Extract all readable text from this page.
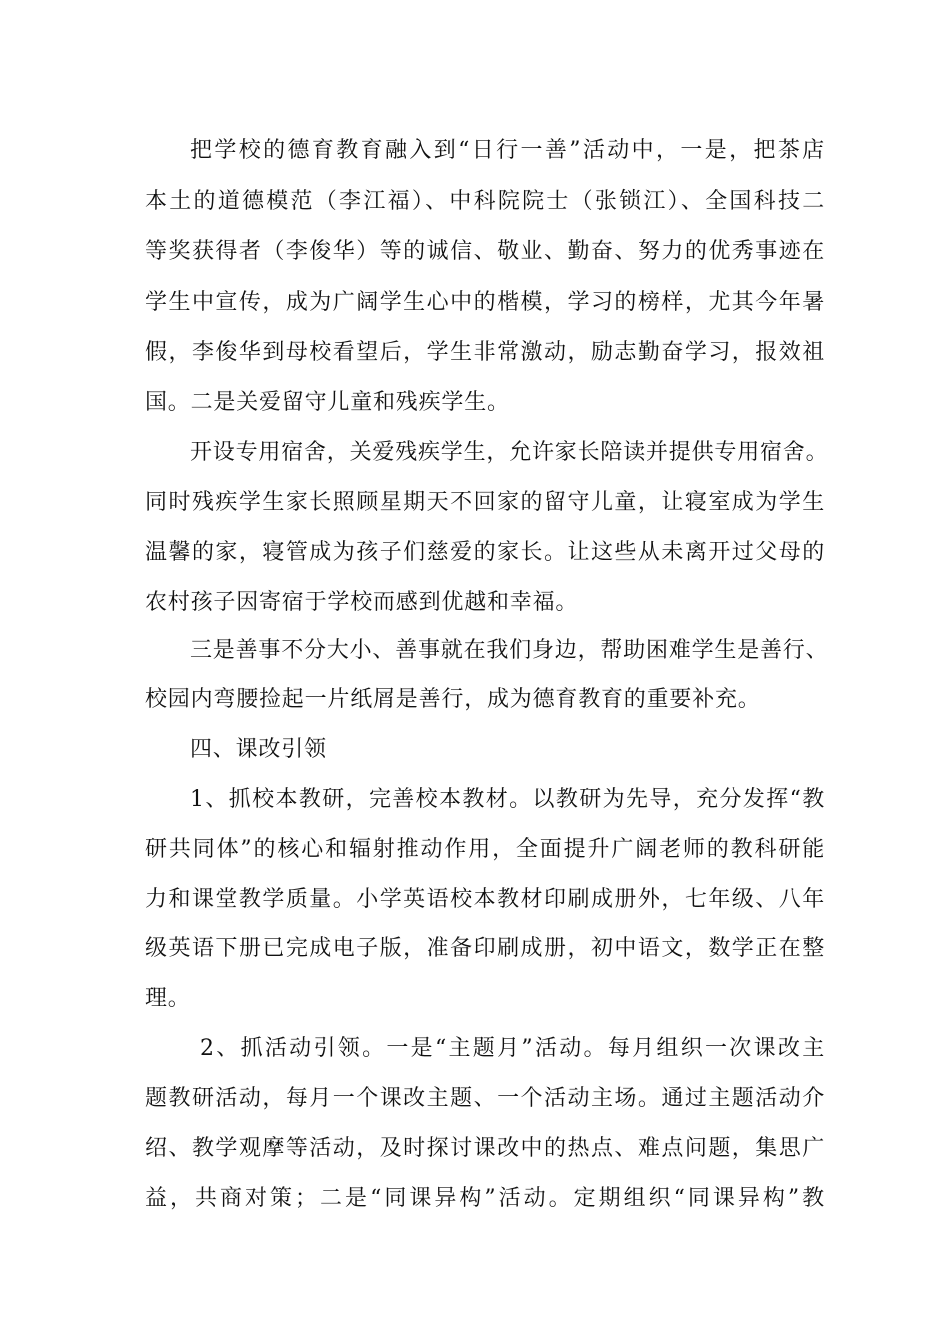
把学校的德育教育融入到“日行一善”活动中，一是，把茶店
本土的道德模范（李江福）、中科院院士（张锁江）、全国科技二
等奖获得者（李俊华）等的诚信、敬业、勤奋、努力的优秀事迹在
学生中宣传，成为广阔学生心中的楷模，学习的榜样，尤其今年暑
假，李俊华到母校看望后，学生非常激动，励志勤奋学习，报效祖
国。二是关爱留守儿童和残疾学生。
开设专用宿舍，关爱残疾学生，允许家长陪读并提供专用宿舍。
同时残疾学生家长照顾星期天不回家的留守儿童，让寝室成为学生
温馨的家，寝管成为孩子们慈爱的家长。让这些从未离开过父母的
农村孩子因寄宿于学校而感到优越和幸福。
三是善事不分大小、善事就在我们身边，帮助困难学生是善行、
校园内弯腰捡起一片纸屑是善行，成为德育教育的重要补充。
四、课改引领
1、抓校本教研，完善校本教材。以教研为先导，充分发挥“教
研共同体”的核心和辐射推动作用，全面提升广阔老师的教科研能
力和课堂教学质量。小学英语校本教材印刷成册外，七年级、八年
级英语下册已完成电子版，准备印刷成册，初中语文，数学正在整
理。
2、抓活动引领。一是“主题月”活动。每月组织一次课改主
题教研活动，每月一个课改主题、一个活动主场。通过主题活动介
绍、教学观摩等活动，及时探讨课改中的热点、难点问题，集思广
益，共商对策；二是“同课异构”活动。定期组织“同课异构”教
